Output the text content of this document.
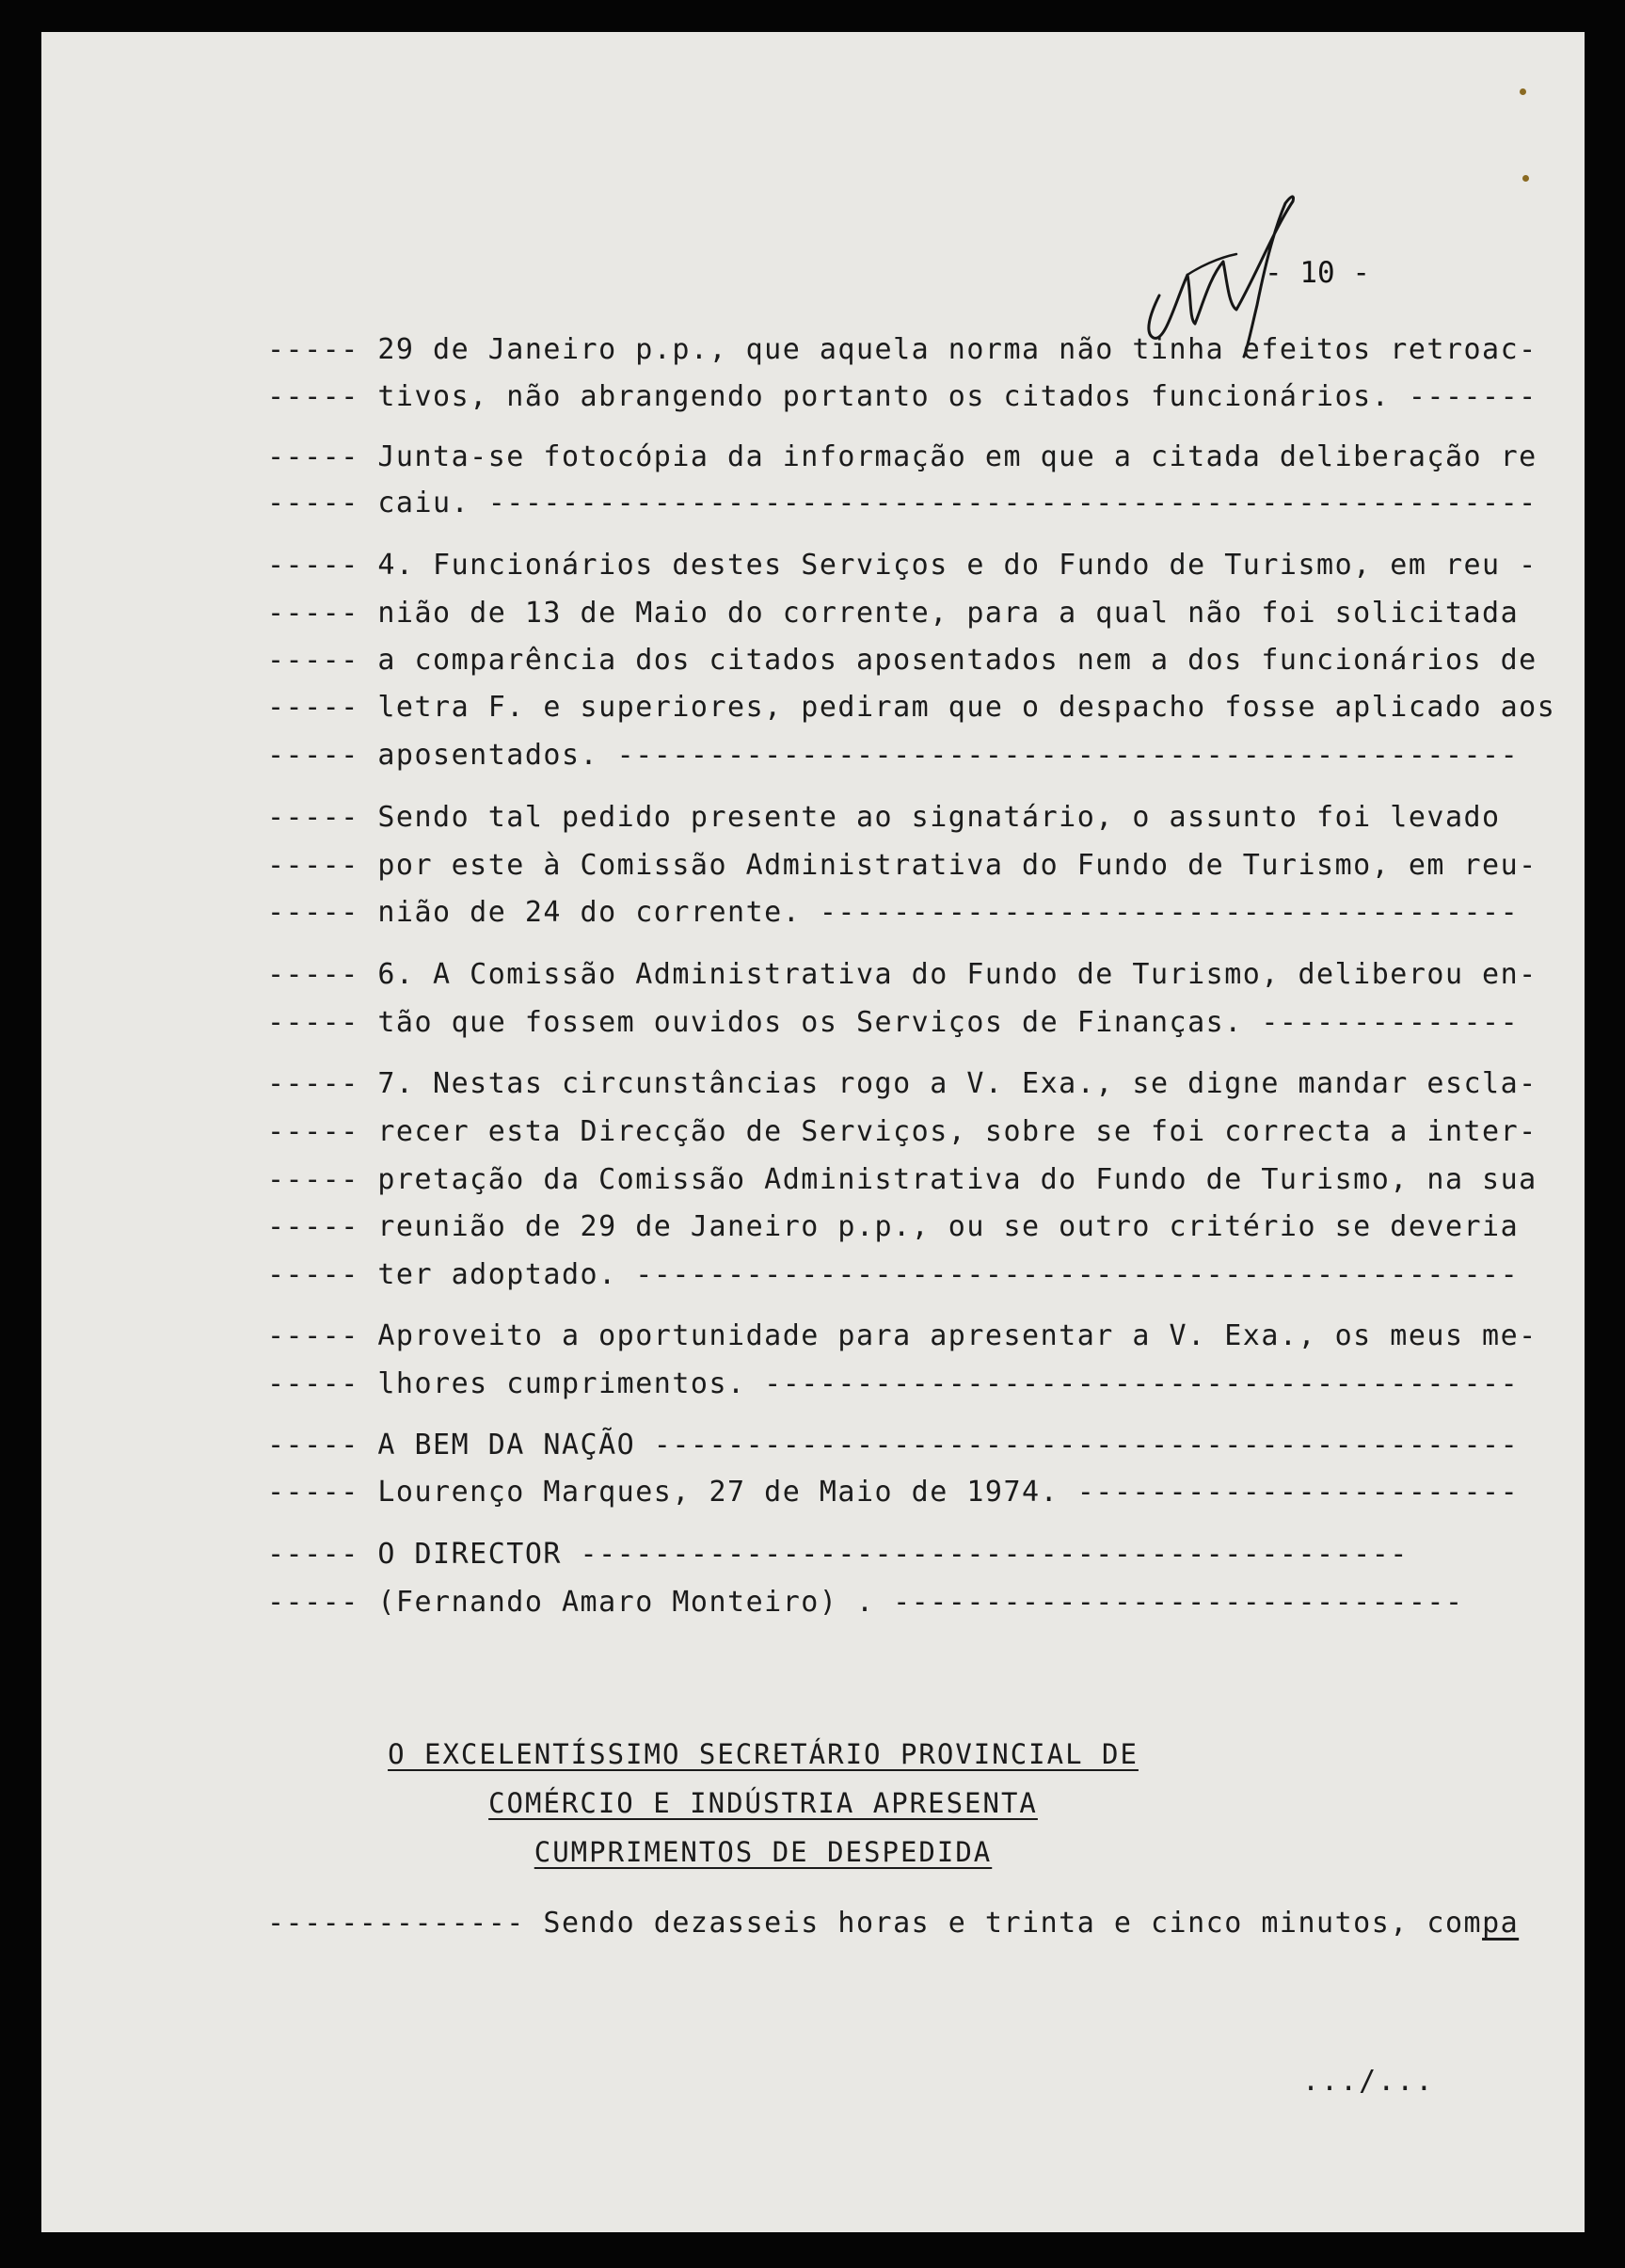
- 10 -
----- 29 de Janeiro p.p., que aquela norma não tinha efeitos retroac-
----- tivos, não abrangendo portanto os citados funcionários. -------
----- Junta-se fotocópia da informação em que a citada deliberação re
----- caiu. ---------------------------------------------------------
----- 4. Funcionários destes Serviços e do Fundo de Turismo, em reu -
----- nião de 13 de Maio do corrente, para a qual não foi solicitada
----- a comparência dos citados aposentados nem a dos funcionários de
----- letra F. e superiores, pediram que o despacho fosse aplicado aos
----- aposentados. -------------------------------------------------
----- Sendo tal pedido presente ao signatário, o assunto foi levado
----- por este à Comissão Administrativa do Fundo de Turismo, em reu-
----- nião de 24 do corrente. --------------------------------------
----- 6. A Comissão Administrativa do Fundo de Turismo, deliberou en-
----- tão que fossem ouvidos os Serviços de Finanças. --------------
----- 7. Nestas circunstâncias rogo a V. Exa., se digne mandar escla-
----- recer esta Direcção de Serviços, sobre se foi correcta a inter-
----- pretação da Comissão Administrativa do Fundo de Turismo, na sua
----- reunião de 29 de Janeiro p.p., ou se outro critério se deveria
----- ter adoptado. ------------------------------------------------
----- Aproveito a oportunidade para apresentar a V. Exa., os meus me-
----- lhores cumprimentos. -----------------------------------------
----- A BEM DA NAÇÃO -----------------------------------------------
----- Lourenço Marques, 27 de Maio de 1974. ------------------------
----- O DIRECTOR ---------------------------------------------
----- (Fernando Amaro Monteiro) . -------------------------------
O EXCELENTÍSSIMO SECRETÁRIO PROVINCIAL DE
COMÉRCIO E INDÚSTRIA APRESENTA
CUMPRIMENTOS DE DESPEDIDA
-------------- Sendo dezasseis horas e trinta e cinco minutos, compa
.../...
